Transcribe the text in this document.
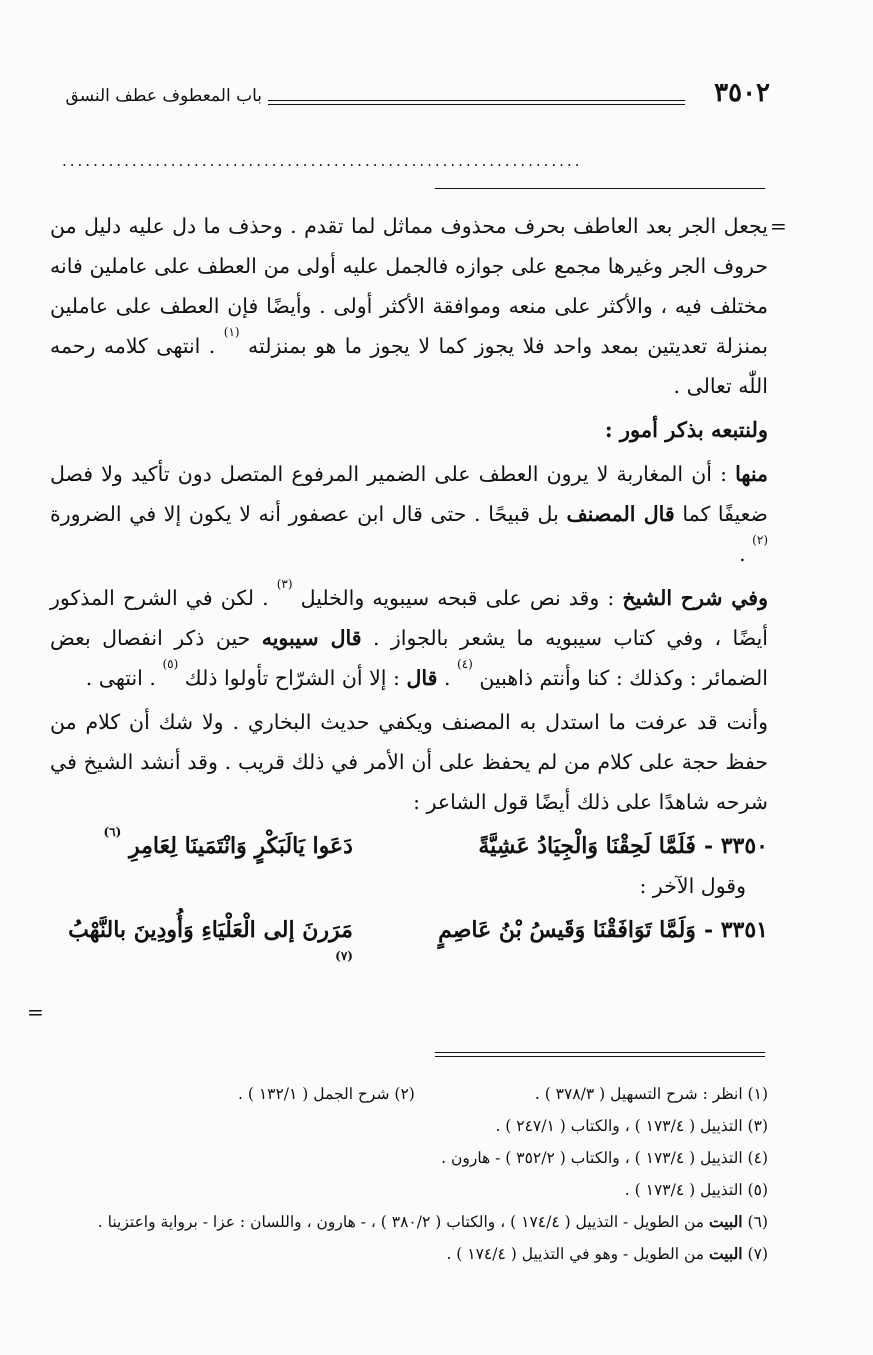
٣٥٠٢
باب المعطوف عطف النسق
...................................................................
=

يجعل الجر بعد العاطف بحرف محذوف مماثل لما تقدم . وحذف ما دل عليه دليل من حروف الجر وغيرها مجمع على جوازه فالجمل عليه أولى من العطف على عاملين فانه مختلف فيه ، والأكثر على منعه وموافقة الأكثر أولى . وأيضًا فإن العطف على عاملين بمنزلة تعديتين بمعد واحد فلا يجوز كما لا يجوز ما هو بمنزلته $^{(١)}$ . انتهى كلامه رحمه اللّٰه تعالى .

ولنتبعه بذكر أمور :

منها : أن المغاربة لا يرون العطف على الضمير المرفوع المتصل دون تأكيد ولا فصل ضعيفًا كما قال المصنف بل قبيحًا . حتى قال ابن عصفور أنه لا يكون إلا في الضرورة $^{(٢)}$ .

وفي شرح الشيخ : وقد نص على قبحه سيبويه والخليل $^{(٣)}$ . لكن في الشرح المذكور أيضًا ، وفي كتاب سيبويه ما يشعر بالجواز . قال سيبويه حين ذكر انفصال بعض الضمائر : وكذلك : كنا وأنتم ذاهبين $^{(٤)}$ . قال : إلا أن الشرّاح تأولوا ذلك $^{(٥)}$ . انتهى .

وأنت قد عرفت ما استدل به المصنف ويكفي حديث البخاري . ولا شك أن كلام من حفظ حجة على كلام من لم يحفظ على أن الأمر في ذلك قريب . وقد أنشد الشيخ في شرحه شاهدًا على ذلك أيضًا قول الشاعر :

٣٣٥٠ -
فَلَمَّا لَحِقْنَا وَالْجِيَادُ عَشِيَّةً
دَعَوا يَالَبَكْرٍ وَانْتَمَينَا لِعَامِرِ $^{(٦)}$

وقول الآخر :

٣٣٥١ -
وَلَمَّا تَوَافَقْنَا وَقَيسُ بْنُ عَاصِمٍ
مَرَرنَ إلى الْعَلْيَاءِ وَأُودِينَ بالنَّهْبُ $^{(٧)}$
=
(١) انظر : شرح التسهيل ( ٣٧٨/٣ ) .
(٢) شرح الجمل ( ١٣٢/١ ) .
(٣) التذييل ( ١٧٣/٤ ) ، والكتاب ( ٢٤٧/١ ) .
(٤) التذييل ( ١٧٣/٤ ) ، والكتاب ( ٣٥٢/٢ ) - هارون .
(٥) التذييل ( ١٧٣/٤ ) .
(٦) البيت من الطويل - التذييل ( ١٧٤/٤ ) ، والكتاب ( ٣٨٠/٢ ) ، - هارون ، واللسان : عزا - برواية واعتزينا .
(٧) البيت من الطويل - وهو في التذييل ( ١٧٤/٤ ) .
